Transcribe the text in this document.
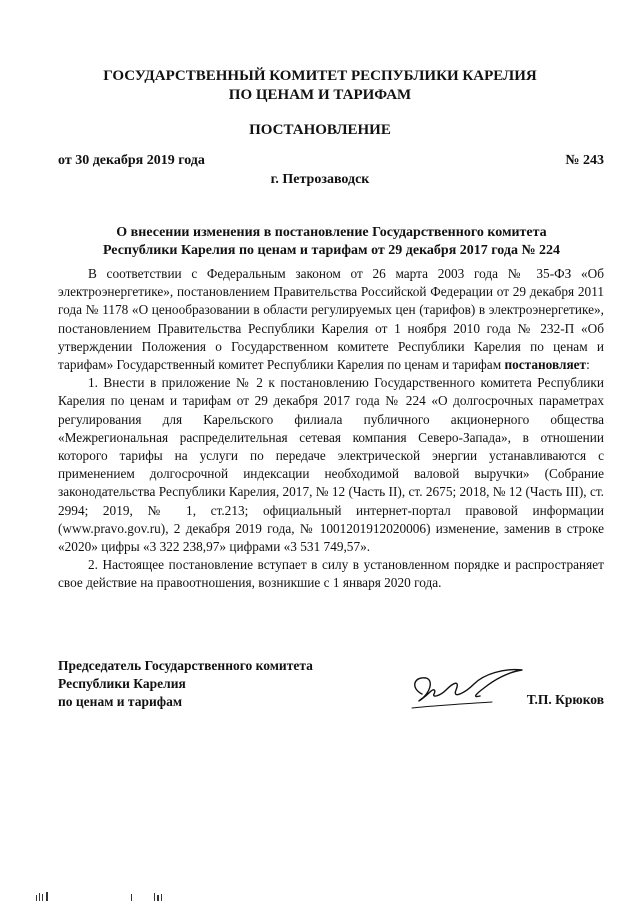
ГОСУДАРСТВЕННЫЙ КОМИТЕТ РЕСПУБЛИКИ КАРЕЛИЯ
ПО ЦЕНАМ И ТАРИФАМ
ПОСТАНОВЛЕНИЕ
от 30 декабря 2019 года	№ 243
г. Петрозаводск
О внесении изменения в постановление Государственного комитета
Республики Карелия по ценам и тарифам от 29 декабря 2017 года № 224

В соответствии с Федеральным законом от 26 марта 2003 года № 35-ФЗ «Об электроэнергетике», постановлением Правительства Российской Федерации от 29 декабря 2011 года № 1178 «О ценообразовании в области регулируемых цен (тарифов) в электроэнергетике», постановлением Правительства Республики Карелия от 1 ноября 2010 года № 232-П «Об утверждении Положения о Государственном комитете Республики Карелия по ценам и тарифам» Государственный комитет Республики Карелия по ценам и тарифам постановляет:

1. Внести в приложение № 2 к постановлению Государственного комитета Республики Карелия по ценам и тарифам от 29 декабря 2017 года № 224 «О долгосрочных параметрах регулирования для Карельского филиала публичного акционерного общества «Межрегиональная распределительная сетевая компания Северо-Запада», в отношении которого тарифы на услуги по передаче электрической энергии устанавливаются с применением долгосрочной индексации необходимой валовой выручки» (Собрание законодательства Республики Карелия, 2017, № 12 (Часть II), ст. 2675; 2018, № 12 (Часть III), ст. 2994; 2019, № 1, ст.213; официальный интернет-портал правовой информации (www.pravo.gov.ru), 2 декабря 2019 года, № 1001201912020006) изменение, заменив в строке «2020» цифры «3 322 238,97» цифрами «3 531 749,57».

2. Настоящее постановление вступает в силу в установленном порядке и распространяет свое действие на правоотношения, возникшие с 1 января 2020 года.

Председатель Государственного комитета
Республики Карелия
по ценам и тарифам	Т.П. Крюков
